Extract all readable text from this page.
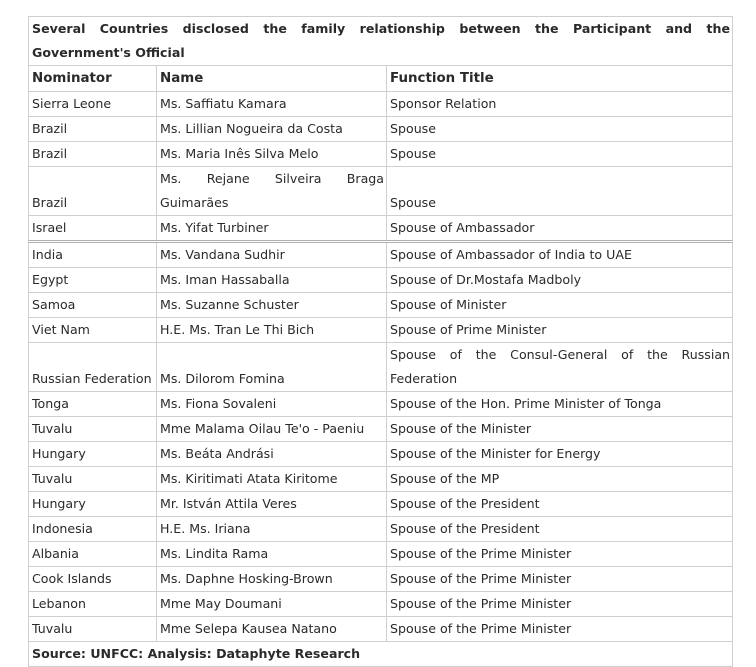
Several Countries disclosed the family relationship between the Participant and the Government's Official		
Nominator	Name	Function Title
Sierra Leone	Ms. Saffiatu Kamara	Sponsor Relation
Brazil	Ms. Lillian Nogueira da Costa	Spouse
Brazil	Ms. Maria Inês Silva Melo	Spouse
Brazil	Ms. Rejane Silveira Braga Guimarães	Spouse
Israel	Ms. Yifat Turbiner	Spouse of Ambassador
India	Ms. Vandana Sudhir	Spouse of Ambassador of India to UAE
Egypt	Ms. Iman Hassaballa	Spouse of Dr.Mostafa Madboly
Samoa	Ms. Suzanne Schuster	Spouse of Minister
Viet Nam	H.E. Ms. Tran Le Thi Bich	Spouse of Prime Minister
Russian Federation	Ms. Dilorom Fomina	Spouse of the Consul-General of the Russian Federation
Tonga	Ms. Fiona Sovaleni	Spouse of the Hon. Prime Minister of Tonga
Tuvalu	Mme Malama Oilau Te'o - Paeniu	Spouse of the Minister
Hungary	Ms. Beáta Andrási	Spouse of the Minister for Energy
Tuvalu	Ms. Kiritimati Atata Kiritome	Spouse of the MP
Hungary	Mr. István Attila Veres	Spouse of the President
Indonesia	H.E. Ms. Iriana	Spouse of the President
Albania	Ms. Lindita Rama	Spouse of the Prime Minister
Cook Islands	Ms. Daphne Hosking-Brown	Spouse of the Prime Minister
Lebanon	Mme May Doumani	Spouse of the Prime Minister
Tuvalu	Mme Selepa Kausea Natano	Spouse of the Prime Minister
Source: UNFCC: Analysis: Dataphyte Research		
